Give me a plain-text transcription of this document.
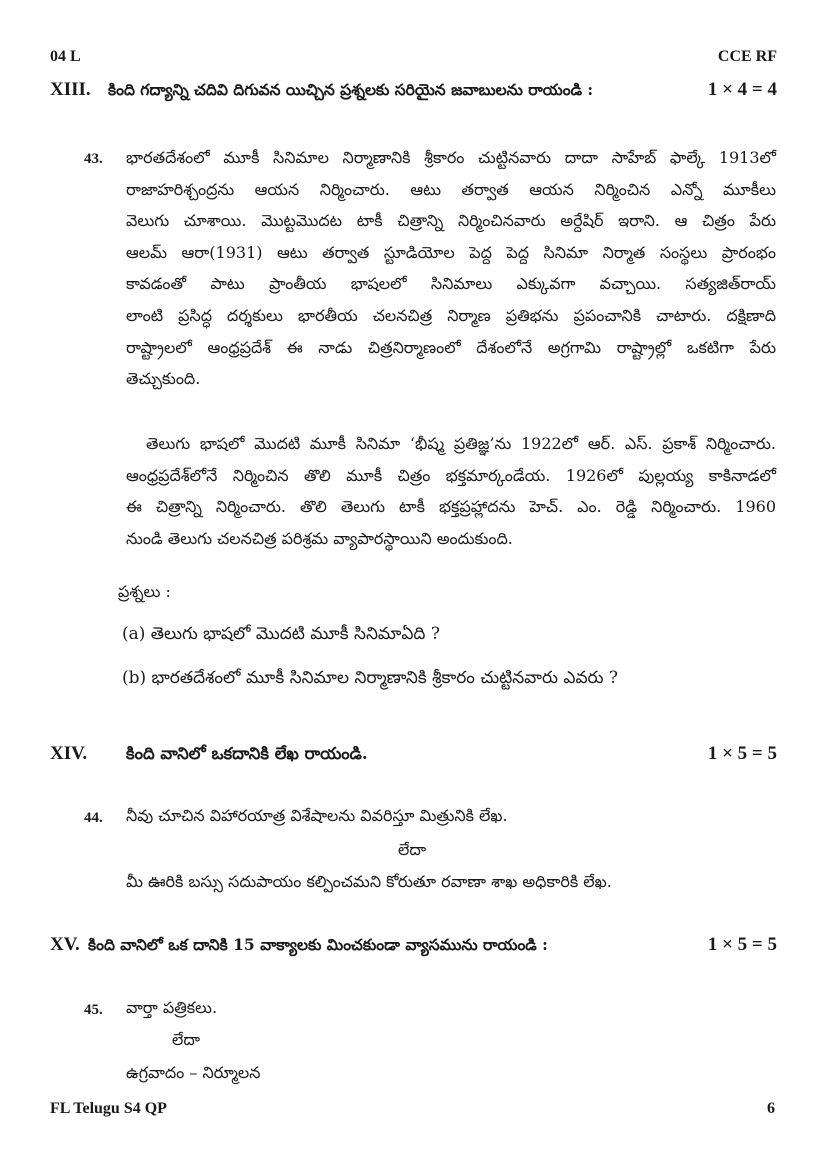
04 L	CCE RF
XIII. కింది గద్యాన్ని చదివి దిగువన యిచ్చిన ప్రశ్నలకు సరియైన జవాబులను రాయండి :	1 × 4 = 4
43. భారతదేశంలో మూకీ సినిమాల నిర్మాణానికి శ్రీకారం చుట్టినవారు దాదా సాహేబ్ ఫాల్కే 1913లో
రాజాహరిశ్చంద్రను ఆయన నిర్మించారు. ఆటు తర్వాత ఆయన నిర్మించిన ఎన్నో మూకీలు
వెలుగు చూశాయి. మొట్టమొదట టాకీ చిత్రాన్ని నిర్మించినవారు అర్దేషిర్ ఇరాని. ఆ చిత్రం పేరు
ఆలమ్ ఆరా(1931) ఆటు తర్వాత స్టూడియోల పెద్ద పెద్ద సినిమా నిర్మాత సంస్థలు ప్రారంభం
కావడంతో పాటు ప్రాంతీయ భాషలలో సినిమాలు ఎక్కువగా వచ్చాయి. సత్యజిత్‌రాయ్
లాంటి ప్రసిద్ధ దర్శకులు భారతీయ చలనచిత్ర నిర్మాణ ప్రతిభను ప్రపంచానికి చాటారు. దక్షిణాది
రాష్ట్రాలలో ఆంధ్రప్రదేశ్ ఈ నాడు చిత్రనిర్మాణంలో దేశంలోనే అగ్రగామి రాష్ట్రాల్లో ఒకటిగా పేరు
తెచ్చుకుంది.
తెలుగు భాషలో మొదటి మూకీ సినిమా ‘భీష్మ ప్రతిజ్ఞ’ను 1922లో ఆర్. ఎస్. ప్రకాశ్ నిర్మించారు.
ఆంధ్రప్రదేశ్‌లోనే నిర్మించిన తొలి మూకీ చిత్రం భక్తమార్కండేయ. 1926లో పుల్లయ్య కాకినాడలో
ఈ చిత్రాన్ని నిర్మించారు. తొలి తెలుగు టాకీ భక్తప్రహ్లాదను హెచ్. ఎం. రెడ్డి నిర్మించారు. 1960
నుండి తెలుగు చలనచిత్ర పరిశ్రమ వ్యాపారస్థాయిని అందుకుంది.
ప్రశ్నలు :
(a) తెలుగు భాషలో మొదటి మూకీ సినిమాఏది ?
(b) భారతదేశంలో మూకీ సినిమాల నిర్మాణానికి శ్రీకారం చుట్టినవారు ఎవరు ?
XIV. కింది వానిలో ఒకదానికి లేఖ రాయండి.	1 × 5 = 5
44. నీవు చూచిన విహారయాత్ర విశేషాలను వివరిస్తూ మిత్రునికి లేఖ.
లేదా
మీ ఊరికి బస్సు సదుపాయం కల్పించమని కోరుతూ రవాణా శాఖ అధికారికి లేఖ.
XV. కింది వానిలో ఒక దానికి 15 వాక్యాలకు మించకుండా వ్యాసమును రాయండి :	1 × 5 = 5
45. వార్తా పత్రికలు.
లేదా
ఉగ్రవాదం – నిర్మూలన
FL Telugu S4 QP	6
